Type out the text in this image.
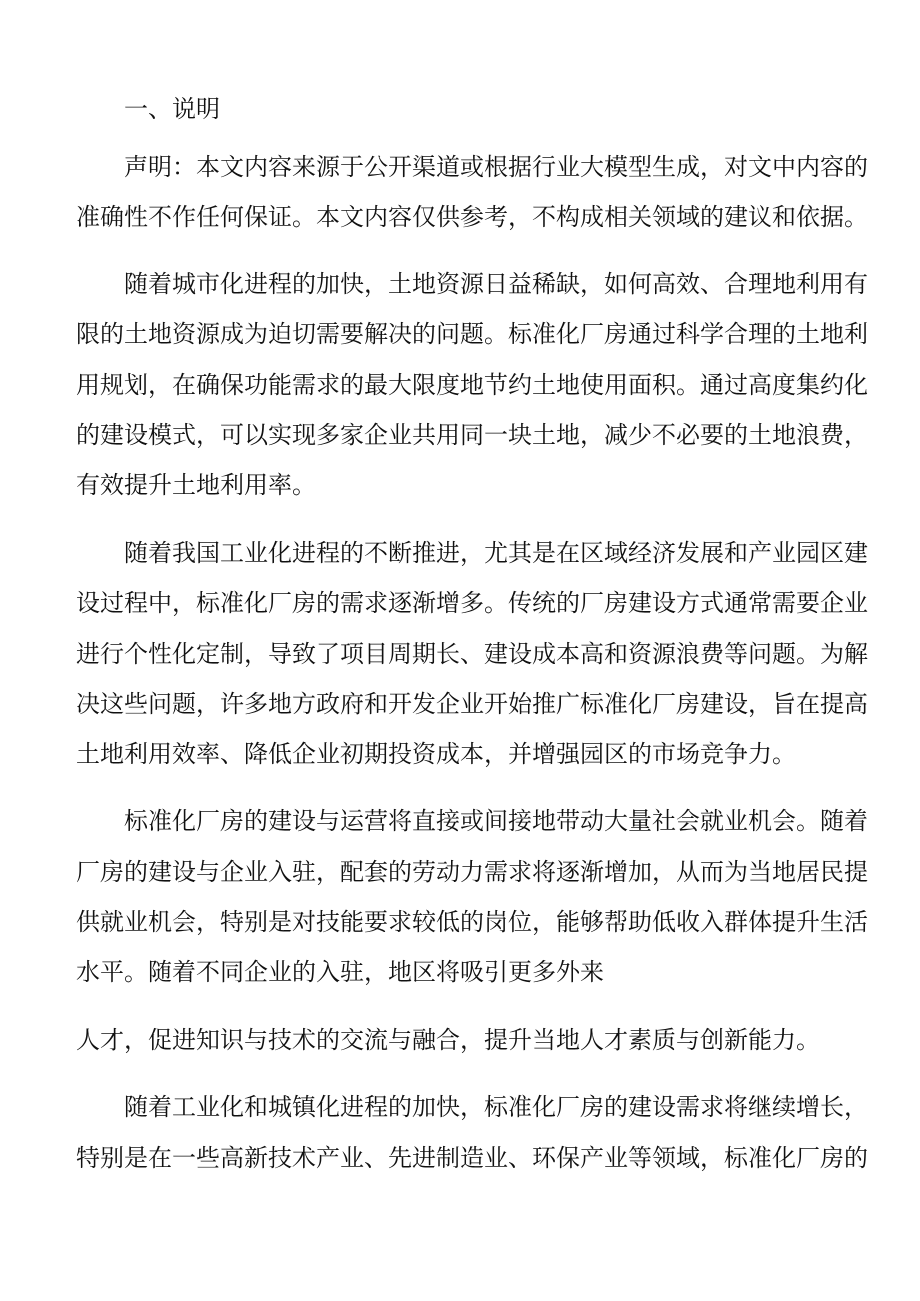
一、说明
声明：本文内容来源于公开渠道或根据行业大模型生成，对文中内容的
准确性不作任何保证。本文内容仅供参考，不构成相关领域的建议和依据。
随着城市化进程的加快，土地资源日益稀缺，如何高效、合理地利用有
限的土地资源成为迫切需要解决的问题。标准化厂房通过科学合理的土地利
用规划，在确保功能需求的最大限度地节约土地使用面积。通过高度集约化
的建设模式，可以实现多家企业共用同一块土地，减少不必要的土地浪费，
有效提升土地利用率。
随着我国工业化进程的不断推进，尤其是在区域经济发展和产业园区建
设过程中，标准化厂房的需求逐渐增多。传统的厂房建设方式通常需要企业
进行个性化定制，导致了项目周期长、建设成本高和资源浪费等问题。为解
决这些问题，许多地方政府和开发企业开始推广标准化厂房建设，旨在提高
土地利用效率、降低企业初期投资成本，并增强园区的市场竞争力。
标准化厂房的建设与运营将直接或间接地带动大量社会就业机会。随着
厂房的建设与企业入驻，配套的劳动力需求将逐渐增加，从而为当地居民提
供就业机会，特别是对技能要求较低的岗位，能够帮助低收入群体提升生活
水平。随着不同企业的入驻，地区将吸引更多外来
人才，促进知识与技术的交流与融合，提升当地人才素质与创新能力。
随着工业化和城镇化进程的加快，标准化厂房的建设需求将继续增长，
特别是在一些高新技术产业、先进制造业、环保产业等领域，标准化厂房的
